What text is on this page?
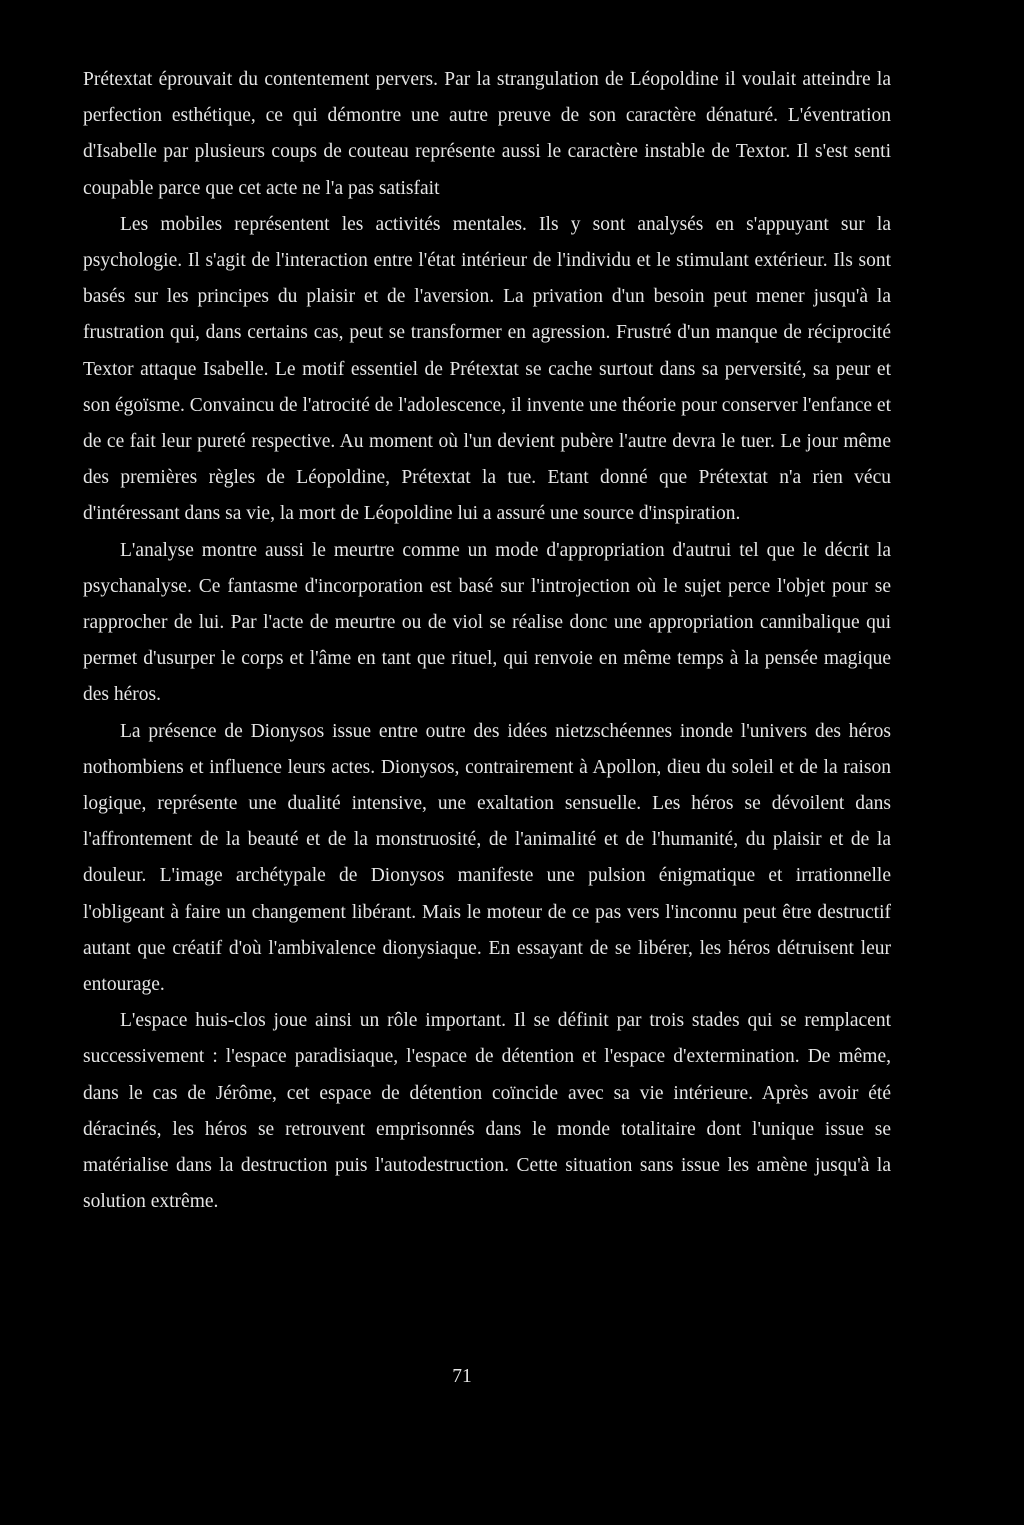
Prétextat éprouvait du contentement pervers. Par la strangulation de Léopoldine il voulait atteindre la perfection esthétique, ce qui démontre une autre preuve de son caractère dénaturé. L'éventration d'Isabelle par plusieurs coups de couteau représente aussi le caractère instable de Textor. Il s'est senti coupable parce que cet acte ne l'a pas satisfait

Les mobiles représentent les activités mentales. Ils y sont analysés en s'appuyant sur la psychologie. Il s'agit de l'interaction entre l'état intérieur de l'individu et le stimulant extérieur. Ils sont basés sur les principes du plaisir et de l'aversion. La privation d'un besoin peut mener jusqu'à la frustration qui, dans certains cas, peut se transformer en agression. Frustré d'un manque de réciprocité Textor attaque Isabelle. Le motif essentiel de Prétextat se cache surtout dans sa perversité, sa peur et son égoïsme. Convaincu de l'atrocité de l'adolescence, il invente une théorie pour conserver l'enfance et de ce fait leur pureté respective. Au moment où l'un devient pubère l'autre devra le tuer. Le jour même des premières règles de Léopoldine, Prétextat la tue. Etant donné que Prétextat n'a rien vécu d'intéressant dans sa vie, la mort de Léopoldine lui a assuré une source d'inspiration.

L'analyse montre aussi le meurtre comme un mode d'appropriation d'autrui tel que le décrit la psychanalyse. Ce fantasme d'incorporation est basé sur l'introjection où le sujet perce l'objet pour se rapprocher de lui. Par l'acte de meurtre ou de viol se réalise donc une appropriation cannibalique qui permet d'usurper le corps et l'âme en tant que rituel, qui renvoie en même temps à la pensée magique des héros.

La présence de Dionysos issue entre outre des idées nietzschéennes inonde l'univers des héros nothombiens et influence leurs actes. Dionysos, contrairement à Apollon, dieu du soleil et de la raison logique, représente une dualité intensive, une exaltation sensuelle. Les héros se dévoilent dans l'affrontement de la beauté et de la monstruosité, de l'animalité et de l'humanité, du plaisir et de la douleur. L'image archétypale de Dionysos manifeste une pulsion énigmatique et irrationnelle l'obligeant à faire un changement libérant. Mais le moteur de ce pas vers l'inconnu peut être destructif autant que créatif d'où l'ambivalence dionysiaque. En essayant de se libérer, les héros détruisent leur entourage.

L'espace huis-clos joue ainsi un rôle important. Il se définit par trois stades qui se remplacent successivement : l'espace paradisiaque, l'espace de détention et l'espace d'extermination. De même, dans le cas de Jérôme, cet espace de détention coïncide avec sa vie intérieure. Après avoir été déracinés, les héros se retrouvent emprisonnés dans le monde totalitaire dont l'unique issue se matérialise dans la destruction puis l'autodestruction. Cette situation sans issue les amène jusqu'à la solution extrême.

71
